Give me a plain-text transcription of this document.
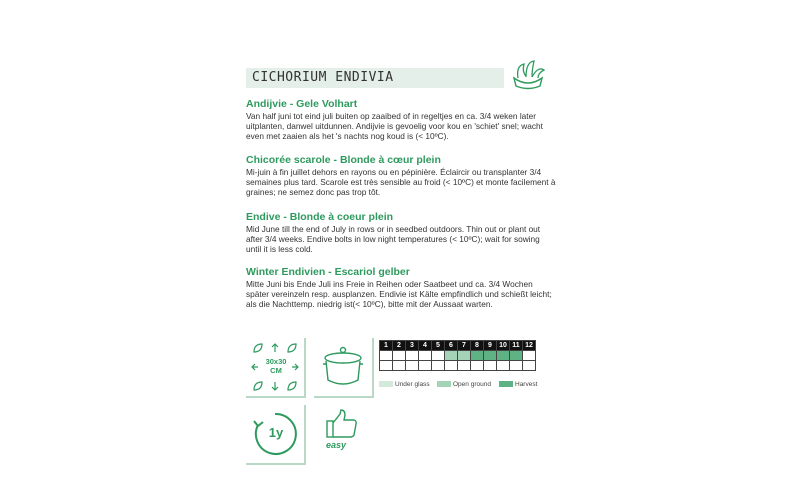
CICHORIUM ENDIVIA
Andijvie - Gele Volhart

Van half juni tot eind juli buiten op zaaibed of in regeltjes en ca. 3/4 weken later uitplanten, danwel uitdunnen. Andijvie is gevoelig voor kou en 'schiet' snel; wacht even met zaaien als het 's nachts nog koud is (< 10ºC).

Chicorée scarole - Blonde à cœur plein

Mi-juin à fin juillet dehors en rayons ou en pépinière. Éclaircir ou transplanter 3/4 semaines plus tard. Scarole est très sensible au froid (< 10ºC) et monte facilement à graines; ne semez donc pas trop tôt.

Endive - Blonde à coeur plein

Mid June till the end of July in rows or in seedbed outdoors. Thin out or plant out after 3/4 weeks. Endive bolts in low night temperatures (< 10ºC); wait for sowing until it is less cold.

Winter Endivien - Escariol gelber

Mitte Juni bis Ende Juli ins Freie in Reihen oder Saatbeet und ca. 3/4 Wochen später vereinzeln resp. ausplanzen. Endivie ist Kälte empfindlich und schießt leicht; als die Nachttemp. niedrig ist(< 10ºC), bitte mit der Aussaat warten.

30x30
CM
1y
easy
1	2	3	4	5	6	7	8	9	10	11	12

Under glass	Open ground	Harvest
